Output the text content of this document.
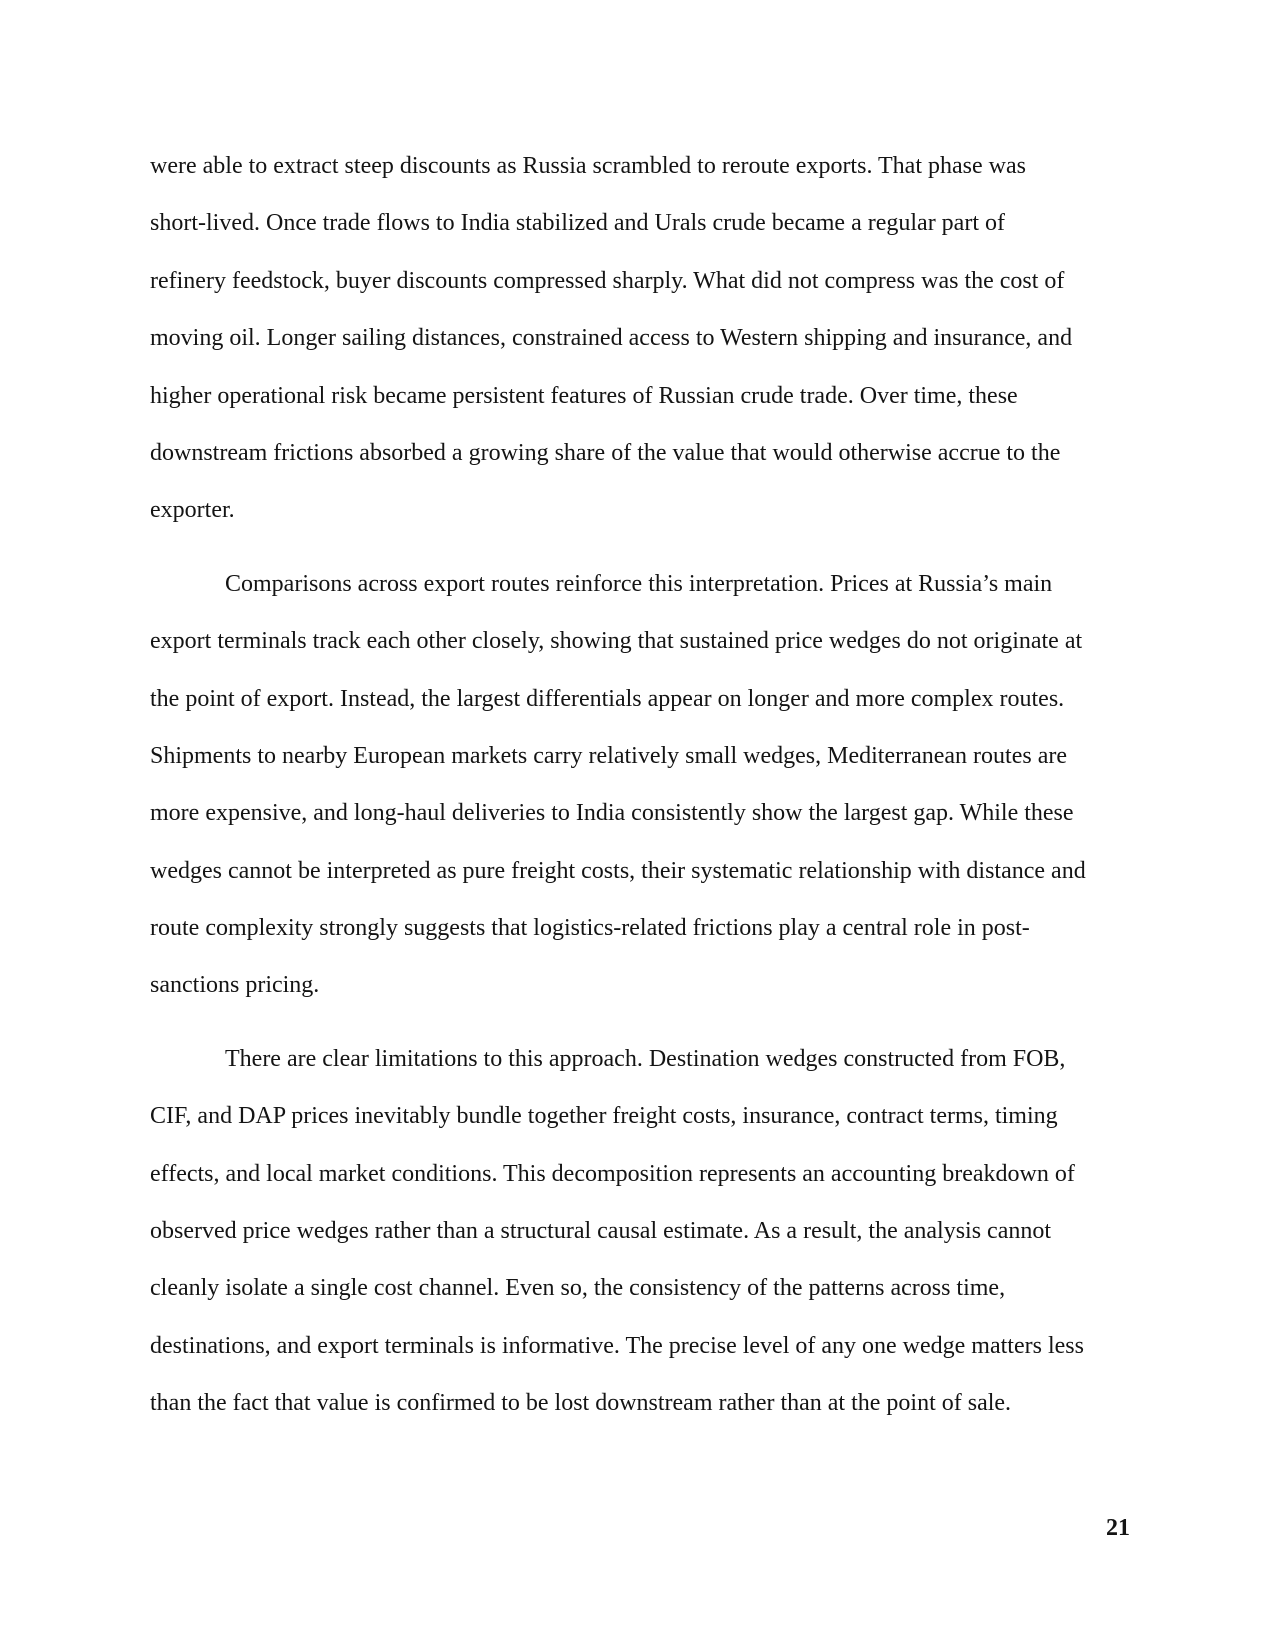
were able to extract steep discounts as Russia scrambled to reroute exports. That phase was
short-lived. Once trade flows to India stabilized and Urals crude became a regular part of
refinery feedstock, buyer discounts compressed sharply. What did not compress was the cost of
moving oil. Longer sailing distances, constrained access to Western shipping and insurance, and
higher operational risk became persistent features of Russian crude trade. Over time, these
downstream frictions absorbed a growing share of the value that would otherwise accrue to the
exporter.
Comparisons across export routes reinforce this interpretation. Prices at Russia’s main
export terminals track each other closely, showing that sustained price wedges do not originate at
the point of export. Instead, the largest differentials appear on longer and more complex routes.
Shipments to nearby European markets carry relatively small wedges, Mediterranean routes are
more expensive, and long-haul deliveries to India consistently show the largest gap. While these
wedges cannot be interpreted as pure freight costs, their systematic relationship with distance and
route complexity strongly suggests that logistics-related frictions play a central role in post-
sanctions pricing.
There are clear limitations to this approach. Destination wedges constructed from FOB,
CIF, and DAP prices inevitably bundle together freight costs, insurance, contract terms, timing
effects, and local market conditions. This decomposition represents an accounting breakdown of
observed price wedges rather than a structural causal estimate. As a result, the analysis cannot
cleanly isolate a single cost channel. Even so, the consistency of the patterns across time,
destinations, and export terminals is informative. The precise level of any one wedge matters less
than the fact that value is confirmed to be lost downstream rather than at the point of sale.
21
